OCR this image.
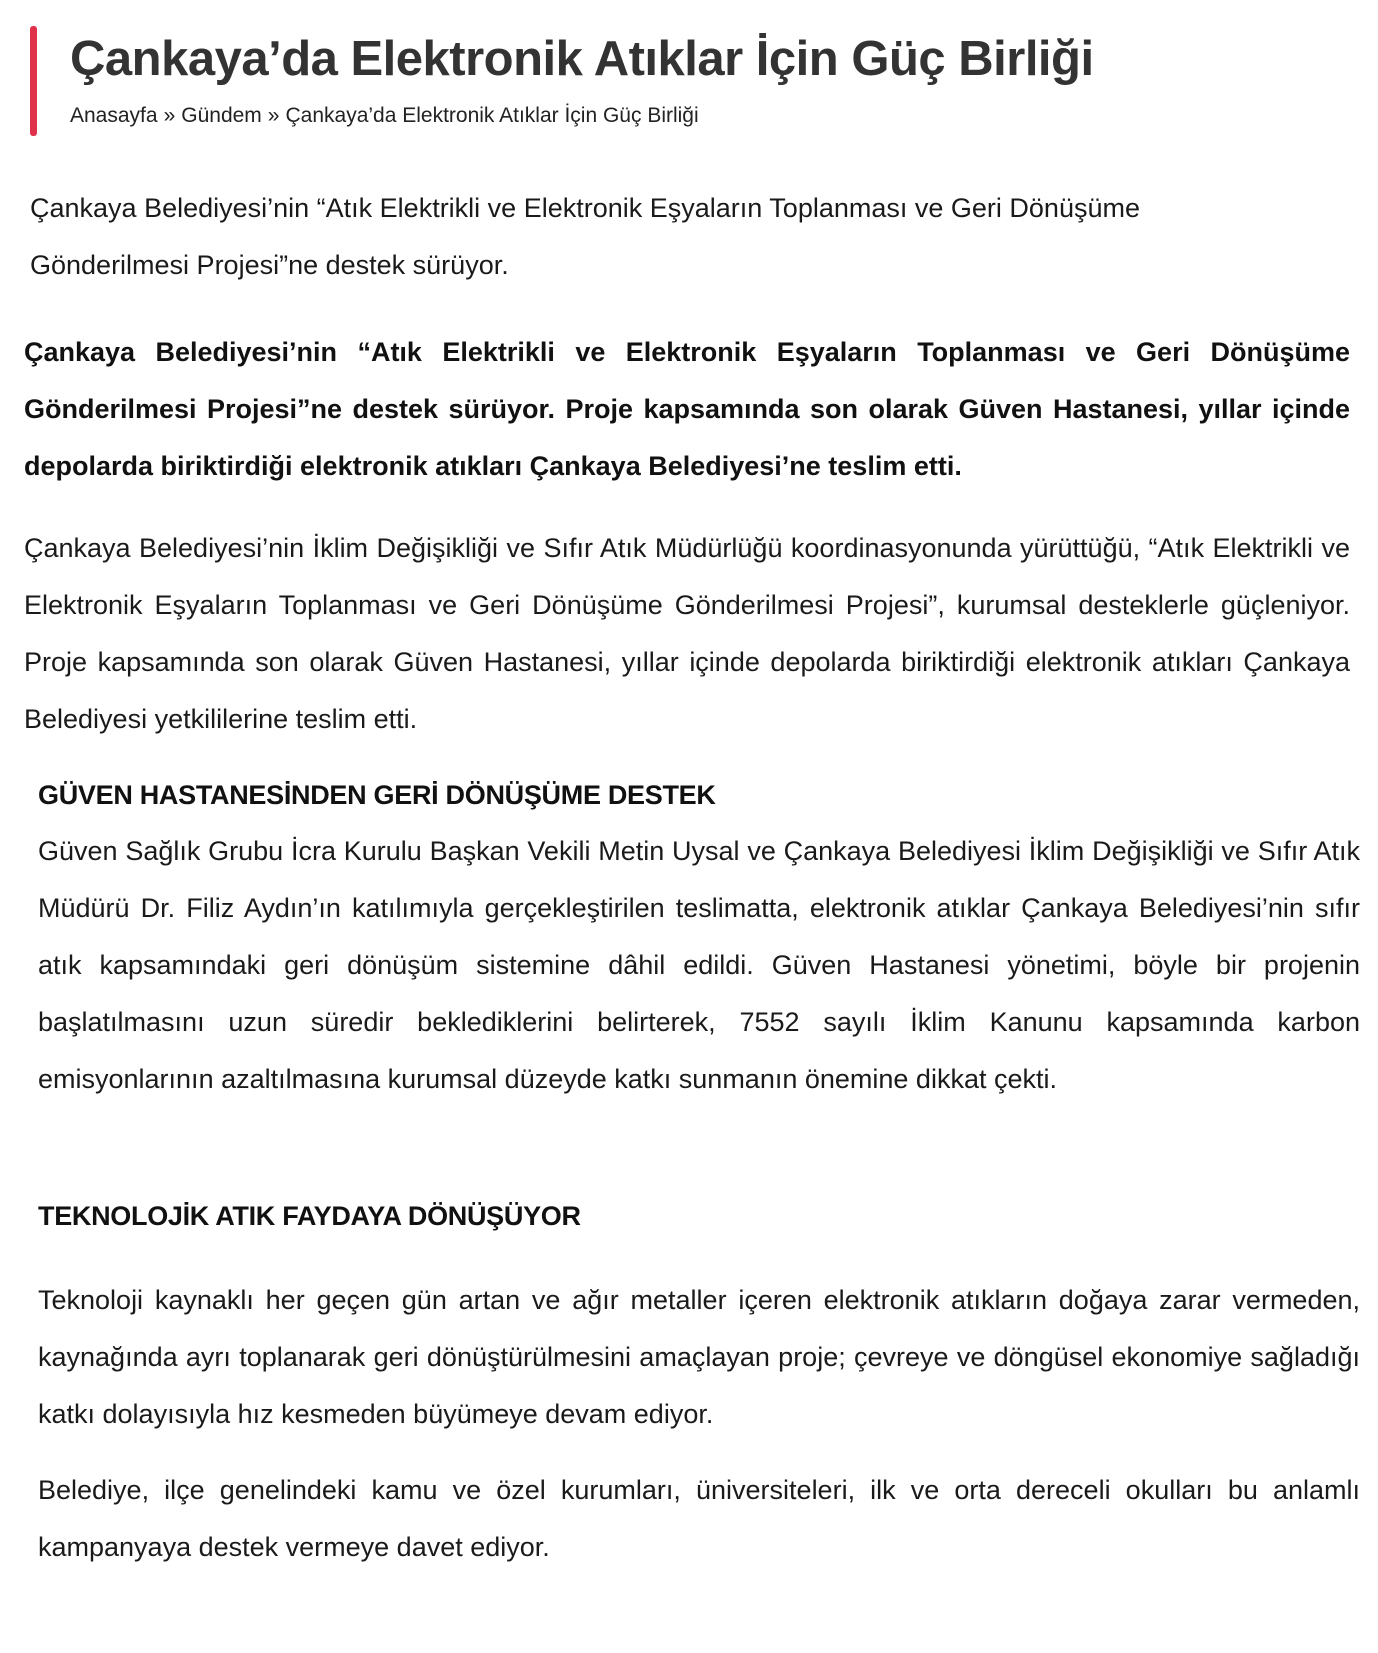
Çankaya’da Elektronik Atıklar İçin Güç Birliği
Anasayfa » Gündem » Çankaya’da Elektronik Atıklar İçin Güç Birliği

Çankaya Belediyesi’nin “Atık Elektrikli ve Elektronik Eşyaların Toplanması ve Geri Dönüşüme Gönderilmesi Projesi”ne destek sürüyor.

Çankaya Belediyesi’nin “Atık Elektrikli ve Elektronik Eşyaların Toplanması ve Geri Dönüşüme Gönderilmesi Projesi”ne destek sürüyor. Proje kapsamında son olarak Güven Hastanesi, yıllar içinde depolarda biriktirdiği elektronik atıkları Çankaya Belediyesi’ne teslim etti.

Çankaya Belediyesi’nin İklim Değişikliği ve Sıfır Atık Müdürlüğü koordinasyonunda yürüttüğü, “Atık Elektrikli ve Elektronik Eşyaların Toplanması ve Geri Dönüşüme Gönderilmesi Projesi”, kurumsal desteklerle güçleniyor. Proje kapsamında son olarak Güven Hastanesi, yıllar içinde depolarda biriktirdiği elektronik atıkları Çankaya Belediyesi yetkililerine teslim etti.

GÜVEN HASTANESİNDEN GERİ DÖNÜŞÜME DESTEK

Güven Sağlık Grubu İcra Kurulu Başkan Vekili Metin Uysal ve Çankaya Belediyesi İklim Değişikliği ve Sıfır Atık Müdürü Dr. Filiz Aydın’ın katılımıyla gerçekleştirilen teslimatta, elektronik atıklar Çankaya Belediyesi’nin sıfır atık kapsamındaki geri dönüşüm sistemine dâhil edildi. Güven Hastanesi yönetimi, böyle bir projenin başlatılmasını uzun süredir beklediklerini belirterek, 7552 sayılı İklim Kanunu kapsamında karbon emisyonlarının azaltılmasına kurumsal düzeyde katkı sunmanın önemine dikkat çekti.

TEKNOLOJİK ATIK FAYDAYA DÖNÜŞÜYOR

Teknoloji kaynaklı her geçen gün artan ve ağır metaller içeren elektronik atıkların doğaya zarar vermeden, kaynağında ayrı toplanarak geri dönüştürülmesini amaçlayan proje; çevreye ve döngüsel ekonomiye sağladığı katkı dolayısıyla hız kesmeden büyümeye devam ediyor.

Belediye, ilçe genelindeki kamu ve özel kurumları, üniversiteleri, ilk ve orta dereceli okulları bu anlamlı kampanyaya destek vermeye davet ediyor.
